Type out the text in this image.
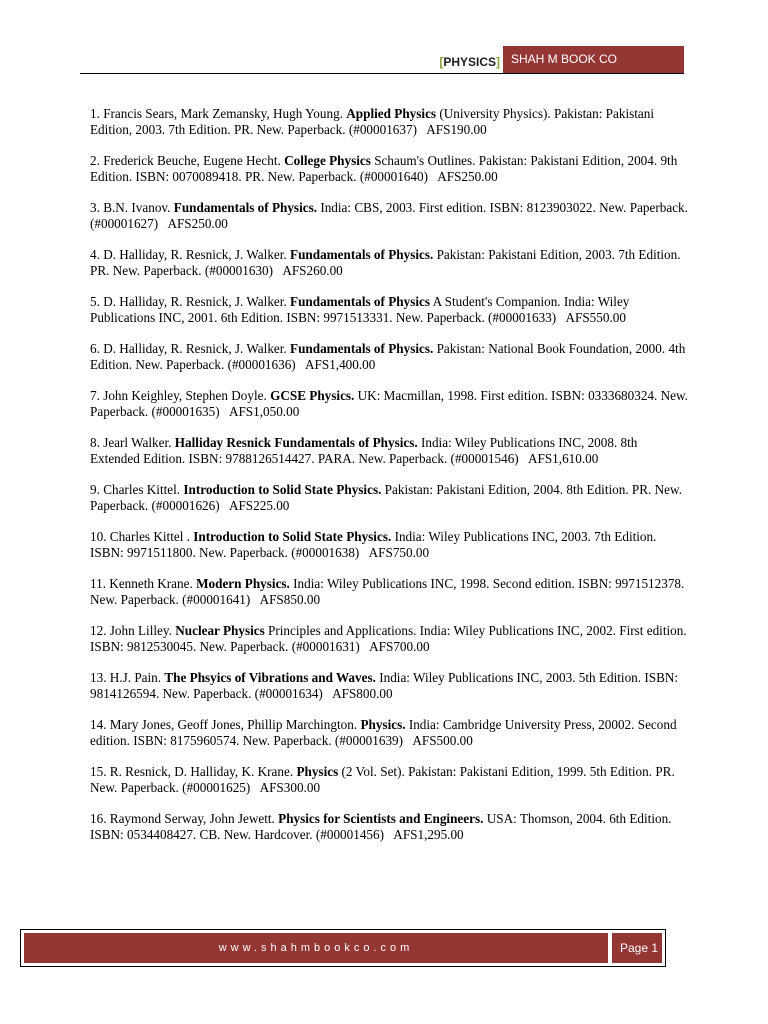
[PHYSICS] SHAH M BOOK CO

1. Francis Sears, Mark Zemansky, Hugh Young. Applied Physics (University Physics). Pakistan: Pakistani Edition, 2003. 7th Edition. PR. New. Paperback. (#00001637) AFS190.00

2. Frederick Beuche, Eugene Hecht. College Physics Schaum's Outlines. Pakistan: Pakistani Edition, 2004. 9th Edition. ISBN: 0070089418. PR. New. Paperback. (#00001640) AFS250.00

3. B.N. Ivanov. Fundamentals of Physics. India: CBS, 2003. First edition. ISBN: 8123903022. New. Paperback. (#00001627) AFS250.00

4. D. Halliday, R. Resnick, J. Walker. Fundamentals of Physics. Pakistan: Pakistani Edition, 2003. 7th Edition. PR. New. Paperback. (#00001630) AFS260.00

5. D. Halliday, R. Resnick, J. Walker. Fundamentals of Physics A Student's Companion. India: Wiley Publications INC, 2001. 6th Edition. ISBN: 9971513331. New. Paperback. (#00001633) AFS550.00

6. D. Halliday, R. Resnick, J. Walker. Fundamentals of Physics. Pakistan: National Book Foundation, 2000. 4th Edition. New. Paperback. (#00001636) AFS1,400.00

7. John Keighley, Stephen Doyle. GCSE Physics. UK: Macmillan, 1998. First edition. ISBN: 0333680324. New. Paperback. (#00001635) AFS1,050.00

8. Jearl Walker. Halliday Resnick Fundamentals of Physics. India: Wiley Publications INC, 2008. 8th Extended Edition. ISBN: 9788126514427. PARA. New. Paperback. (#00001546) AFS1,610.00

9. Charles Kittel. Introduction to Solid State Physics. Pakistan: Pakistani Edition, 2004. 8th Edition. PR. New. Paperback. (#00001626) AFS225.00

10. Charles Kittel . Introduction to Solid State Physics. India: Wiley Publications INC, 2003. 7th Edition. ISBN: 9971511800. New. Paperback. (#00001638) AFS750.00

11. Kenneth Krane. Modern Physics. India: Wiley Publications INC, 1998. Second edition. ISBN: 9971512378. New. Paperback. (#00001641) AFS850.00

12. John Lilley. Nuclear Physics Principles and Applications. India: Wiley Publications INC, 2002. First edition. ISBN: 9812530045. New. Paperback. (#00001631) AFS700.00

13. H.J. Pain. The Phsyics of Vibrations and Waves. India: Wiley Publications INC, 2003. 5th Edition. ISBN: 9814126594. New. Paperback. (#00001634) AFS800.00

14. Mary Jones, Geoff Jones, Phillip Marchington. Physics. India: Cambridge University Press, 20002. Second edition. ISBN: 8175960574. New. Paperback. (#00001639) AFS500.00

15. R. Resnick, D. Halliday, K. Krane. Physics (2 Vol. Set). Pakistan: Pakistani Edition, 1999. 5th Edition. PR. New. Paperback. (#00001625) AFS300.00

16. Raymond Serway, John Jewett. Physics for Scientists and Engineers. USA: Thomson, 2004. 6th Edition. ISBN: 0534408427. CB. New. Hardcover. (#00001456) AFS1,295.00

www.shahmbookco.com	Page 1
